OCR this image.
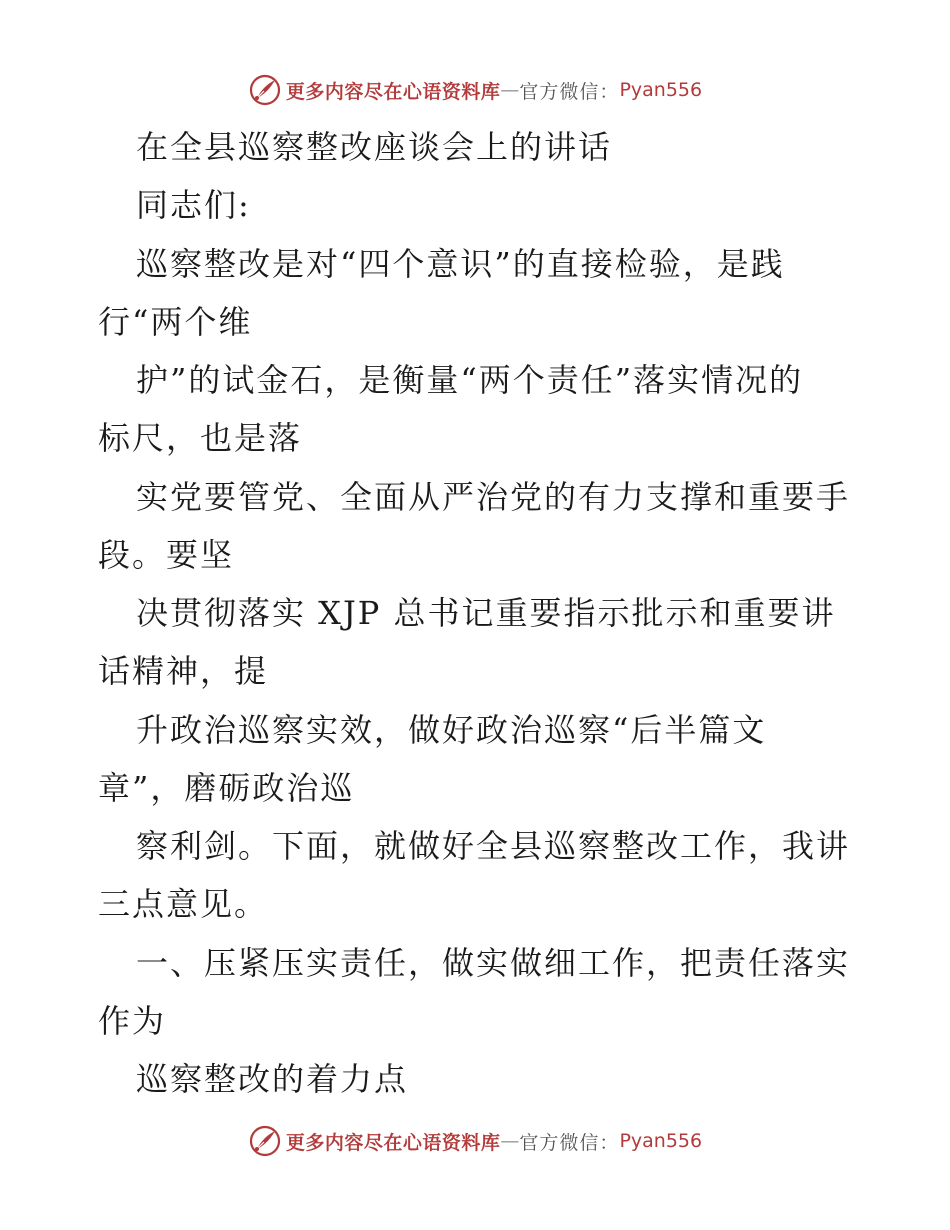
更多内容尽在心语资料库 — 官方微信： Pyan556
在全县巡察整改座谈会上的讲话
同志们:
巡察整改是对“四个意识”的直接检验，是践
行“两个维
护”的试金石，是衡量“两个责任”落实情况的
标尺，也是落
实党要管党、全面从严治党的有力支撑和重要手
段。要坚
决贯彻落实 XJP 总书记重要指示批示和重要讲
话精神，提
升政治巡察实效，做好政治巡察“后半篇文
章”，磨砺政治巡
察利剑。下面，就做好全县巡察整改工作，我讲
三点意见。
一、压紧压实责任，做实做细工作，把责任落实
作为
巡察整改的着力点
更多内容尽在心语资料库 — 官方微信： Pyan556
